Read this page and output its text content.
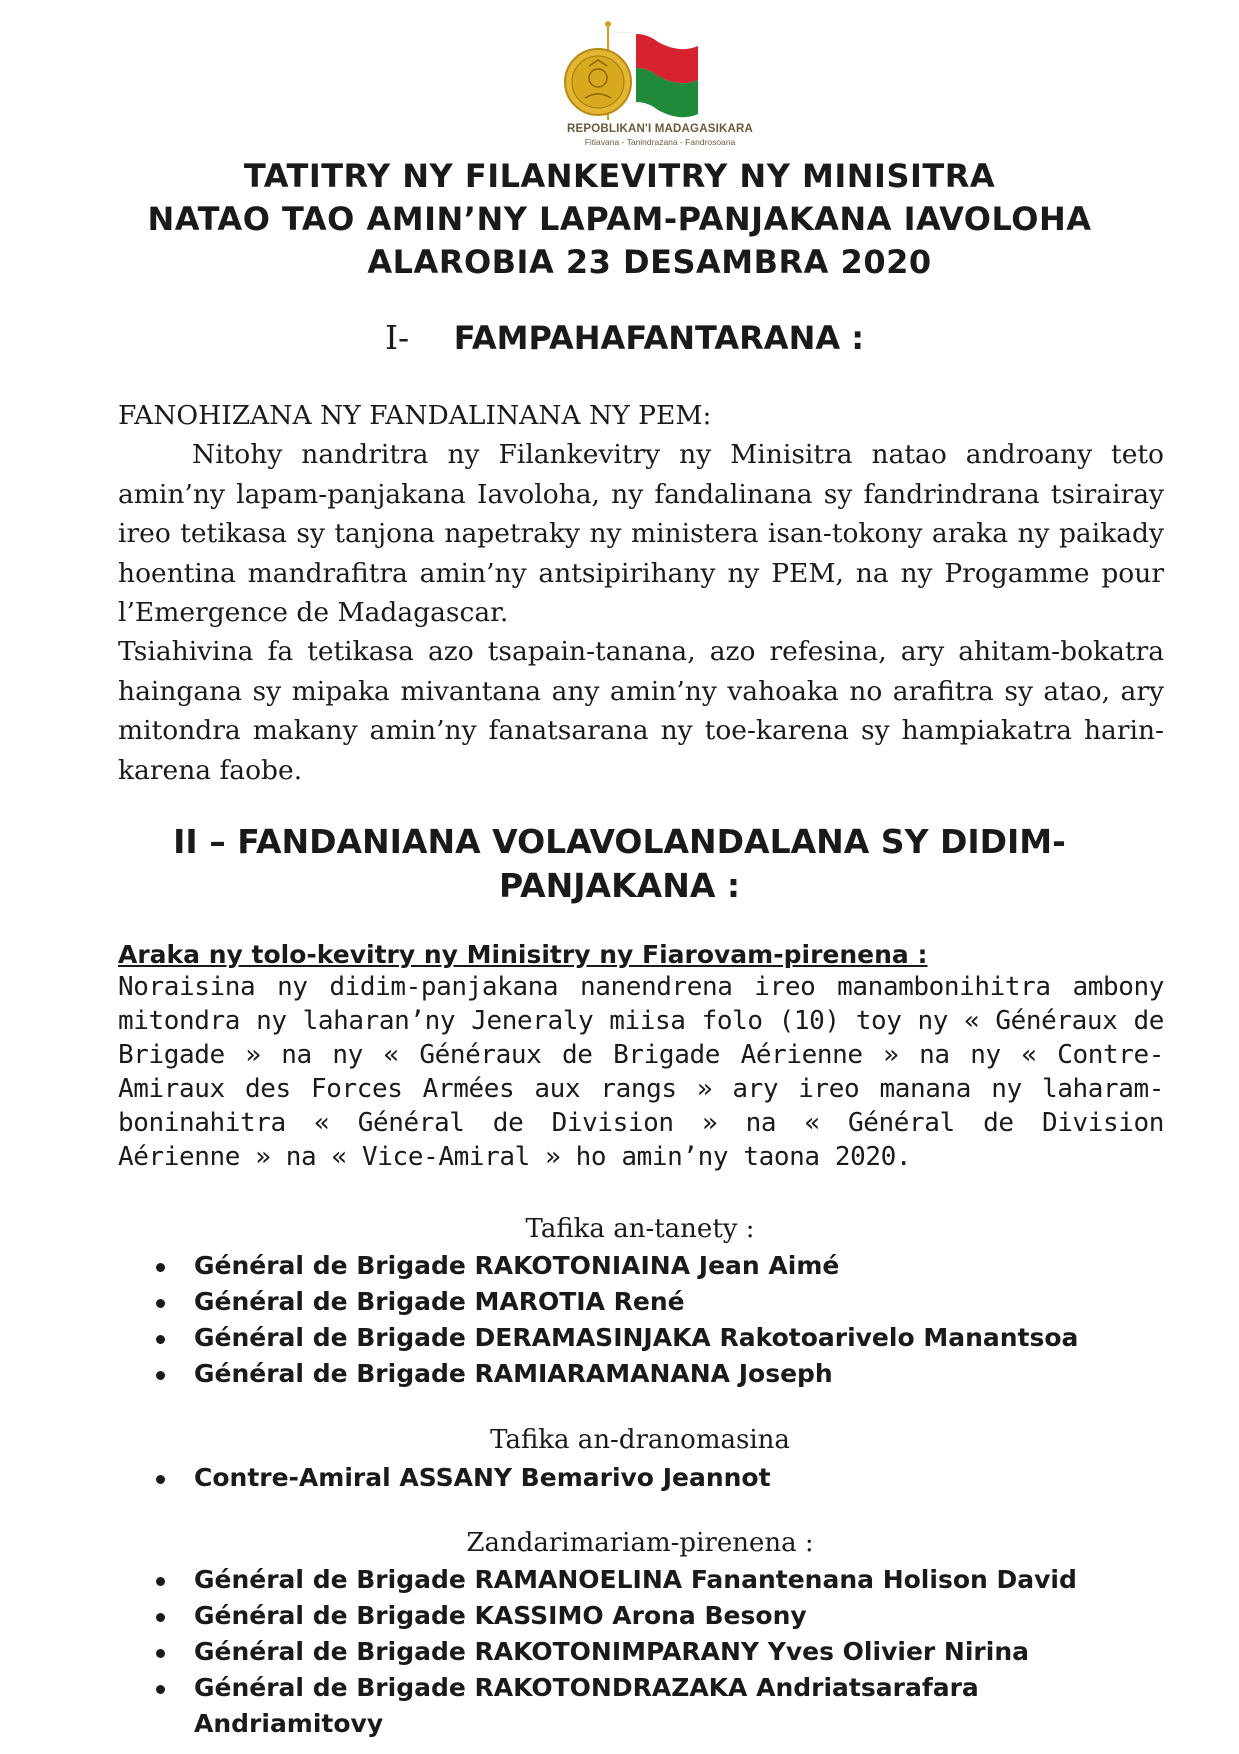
REPOBLIKAN'I MADAGASIKARA
Fitiavana - Tanindrazana - Fandrosoana
TATITRY NY FILANKEVITRY NY MINISITRA
NATAO TAO AMIN’NY LAPAM-PANJAKANA IAVOLOHA
ALAROBIA 23 DESAMBRA 2020
I- FAMPAHAFANTARANA :
FANOHIZANA NY FANDALINANA NY PEM:
Nitohy nandritra ny Filankevitry ny Minisitra natao androany teto amin’ny lapam-panjakana Iavoloha, ny fandalinana sy fandrindrana tsirairay ireo tetikasa sy tanjona napetraky ny ministera isan-tokony araka ny paikady hoentina mandrafitra amin’ny antsipirihany ny PEM, na ny Progamme pour l’Emergence de Madagascar.
Tsiahivina fa tetikasa azo tsapain-tanana, azo refesina, ary ahitam-bokatra haingana sy mipaka mivantana any amin’ny vahoaka no arafitra sy atao, ary mitondra makany amin’ny fanatsarana ny toe-karena sy hampiakatra harin-karena faobe.
II – FANDANIANA VOLAVOLANDALANA SY DIDIM-
PANJAKANA :
Araka ny tolo-kevitry ny Minisitry ny Fiarovam-pirenena :
Noraisina ny didim-panjakana nanendrena ireo manambonihitra ambony mitondra ny laharan’ny Jeneraly miisa folo (10) toy ny « Généraux de Brigade » na ny « Généraux de Brigade Aérienne » na ny « Contre-Amiraux des Forces Armées aux rangs » ary ireo manana ny laharam-boninahitra « Général de Division » na « Général de Division Aérienne » na « Vice-Amiral » ho amin’ny taona 2020.
Tafika an-tanety :
Général de Brigade RAKOTONIAINA Jean Aimé
Général de Brigade MAROTIA René
Général de Brigade DERAMASINJAKA Rakotoarivelo Manantsoa
Général de Brigade RAMIARAMANANA Joseph
Tafika an-dranomasina
Contre-Amiral ASSANY Bemarivo Jeannot
Zandarimariam-pirenena :
Général de Brigade RAMANOELINA Fanantenana Holison David
Général de Brigade KASSIMO Arona Besony
Général de Brigade RAKOTONIMPARANY Yves Olivier Nirina
Général de Brigade RAKOTONDRAZAKA Andriatsarafara
Andriamitovy
